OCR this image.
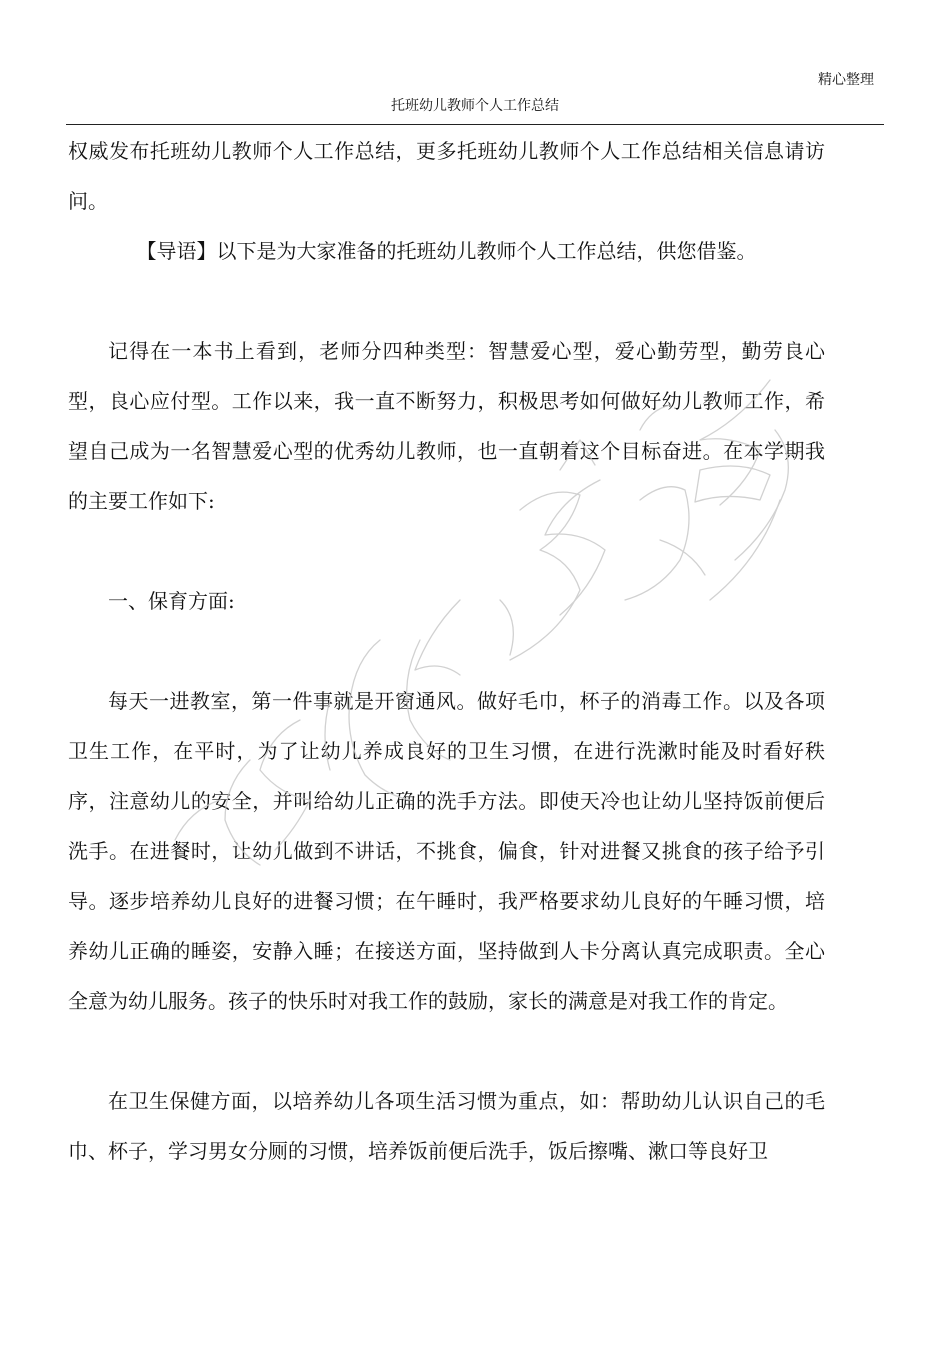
精心整理
托班幼儿教师个人工作总结

权威发布托班幼儿教师个人工作总结，更多托班幼儿教师个人工作总结相关信息请访问。

【导语】以下是为大家准备的托班幼儿教师个人工作总结，供您借鉴。

记得在一本书上看到，老师分四种类型：智慧爱心型，爱心勤劳型，勤劳良心型，良心应付型。工作以来，我一直不断努力，积极思考如何做好幼儿教师工作，希望自己成为一名智慧爱心型的优秀幼儿教师，也一直朝着这个目标奋进。在本学期我的主要工作如下:

一、保育方面:

每天一进教室，第一件事就是开窗通风。做好毛巾，杯子的消毒工作。以及各项卫生工作，在平时，为了让幼儿养成良好的卫生习惯，在进行洗漱时能及时看好秩序，注意幼儿的安全，并叫给幼儿正确的洗手方法。即使天冷也让幼儿坚持饭前便后洗手。在进餐时，让幼儿做到不讲话，不挑食，偏食，针对进餐又挑食的孩子给予引导。逐步培养幼儿良好的进餐习惯；在午睡时，我严格要求幼儿良好的午睡习惯，培养幼儿正确的睡姿，安静入睡；在接送方面，坚持做到人卡分离认真完成职责。全心全意为幼儿服务。孩子的快乐时对我工作的鼓励，家长的满意是对我工作的肯定。

在卫生保健方面，以培养幼儿各项生活习惯为重点，如：帮助幼儿认识自己的毛巾、杯子，学习男女分厕的习惯，培养饭前便后洗手，饭后擦嘴、漱口等良好卫
